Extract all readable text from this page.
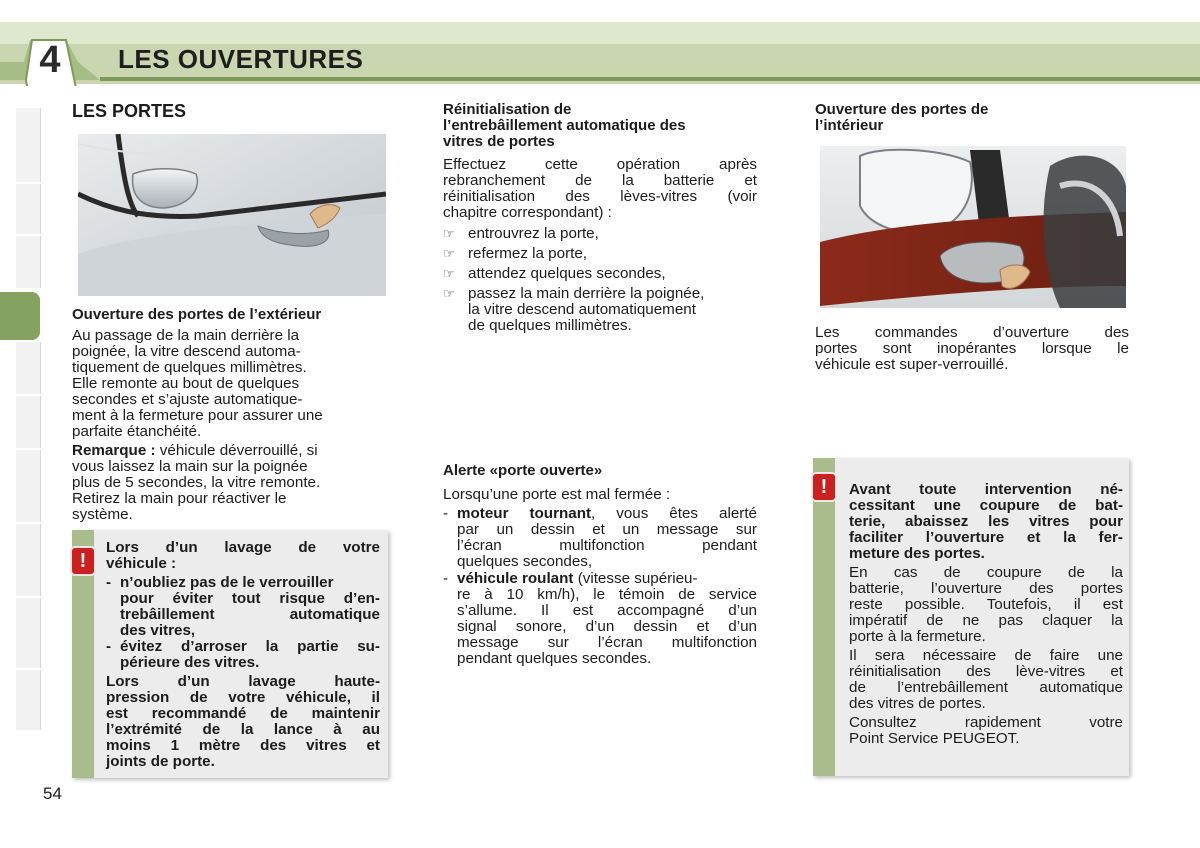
4	LES OUVERTURES
LES PORTES
Ouverture des portes de l’extérieur
Au passage de la main derrière la
poignée, la vitre descend automa-
tiquement de quelques millimètres.
Elle remonte au bout de quelques
secondes et s’ajuste automatique-
ment à la fermeture pour assurer une
parfaite étanchéité.
Remarque : véhicule déverrouillé, si
vous laissez la main sur la poignée
plus de 5 secondes, la vitre remonte.
Retirez la main pour réactiver le
système.
!
Lors d’un lavage de votre
véhicule :
- n’oubliez pas de le verrouiller
pour éviter tout risque d’en-
trebâillement automatique
des vitres,
- évitez d’arroser la partie su-
périeure des vitres.
Lors d’un lavage haute-
pression de votre véhicule, il
est recommandé de maintenir
l’extrémité de la lance à au
moins 1 mètre des vitres et
joints de porte.
54
Réinitialisation de
l’entrebâillement automatique des
vitres de portes
Effectuez cette opération après
rebranchement de la batterie et
réinitialisation des lèves-vitres (voir
chapitre correspondant) :
☞ entrouvrez la porte,
☞ refermez la porte,
☞ attendez quelques secondes,
☞ passez la main derrière la poignée,
la vitre descend automatiquement
de quelques millimètres.
Alerte «porte ouverte»
Lorsqu’une porte est mal fermée :
- moteur tournant, vous êtes alerté
par un dessin et un message sur
l’écran multifonction pendant
quelques secondes,
- véhicule roulant (vitesse supérieu-
re à 10 km/h), le témoin de service
s’allume. Il est accompagné d’un
signal sonore, d’un dessin et d’un
message sur l’écran multifonction
pendant quelques secondes.
Ouverture des portes de
l’intérieur
Les commandes d’ouverture des
portes sont inopérantes lorsque le
véhicule est super-verrouillé.
!	Avant toute intervention né-
cessitant une coupure de bat-
terie, abaissez les vitres pour
faciliter l’ouverture et la fer-
meture des portes.
En cas de coupure de la
batterie, l’ouverture des portes
reste possible. Toutefois, il est
impératif de ne pas claquer la
porte à la fermeture.
Il sera nécessaire de faire une
réinitialisation des lève-vitres et
de l’entrebâillement automatique
des vitres de portes.
Consultez rapidement votre
Point Service PEUGEOT.
